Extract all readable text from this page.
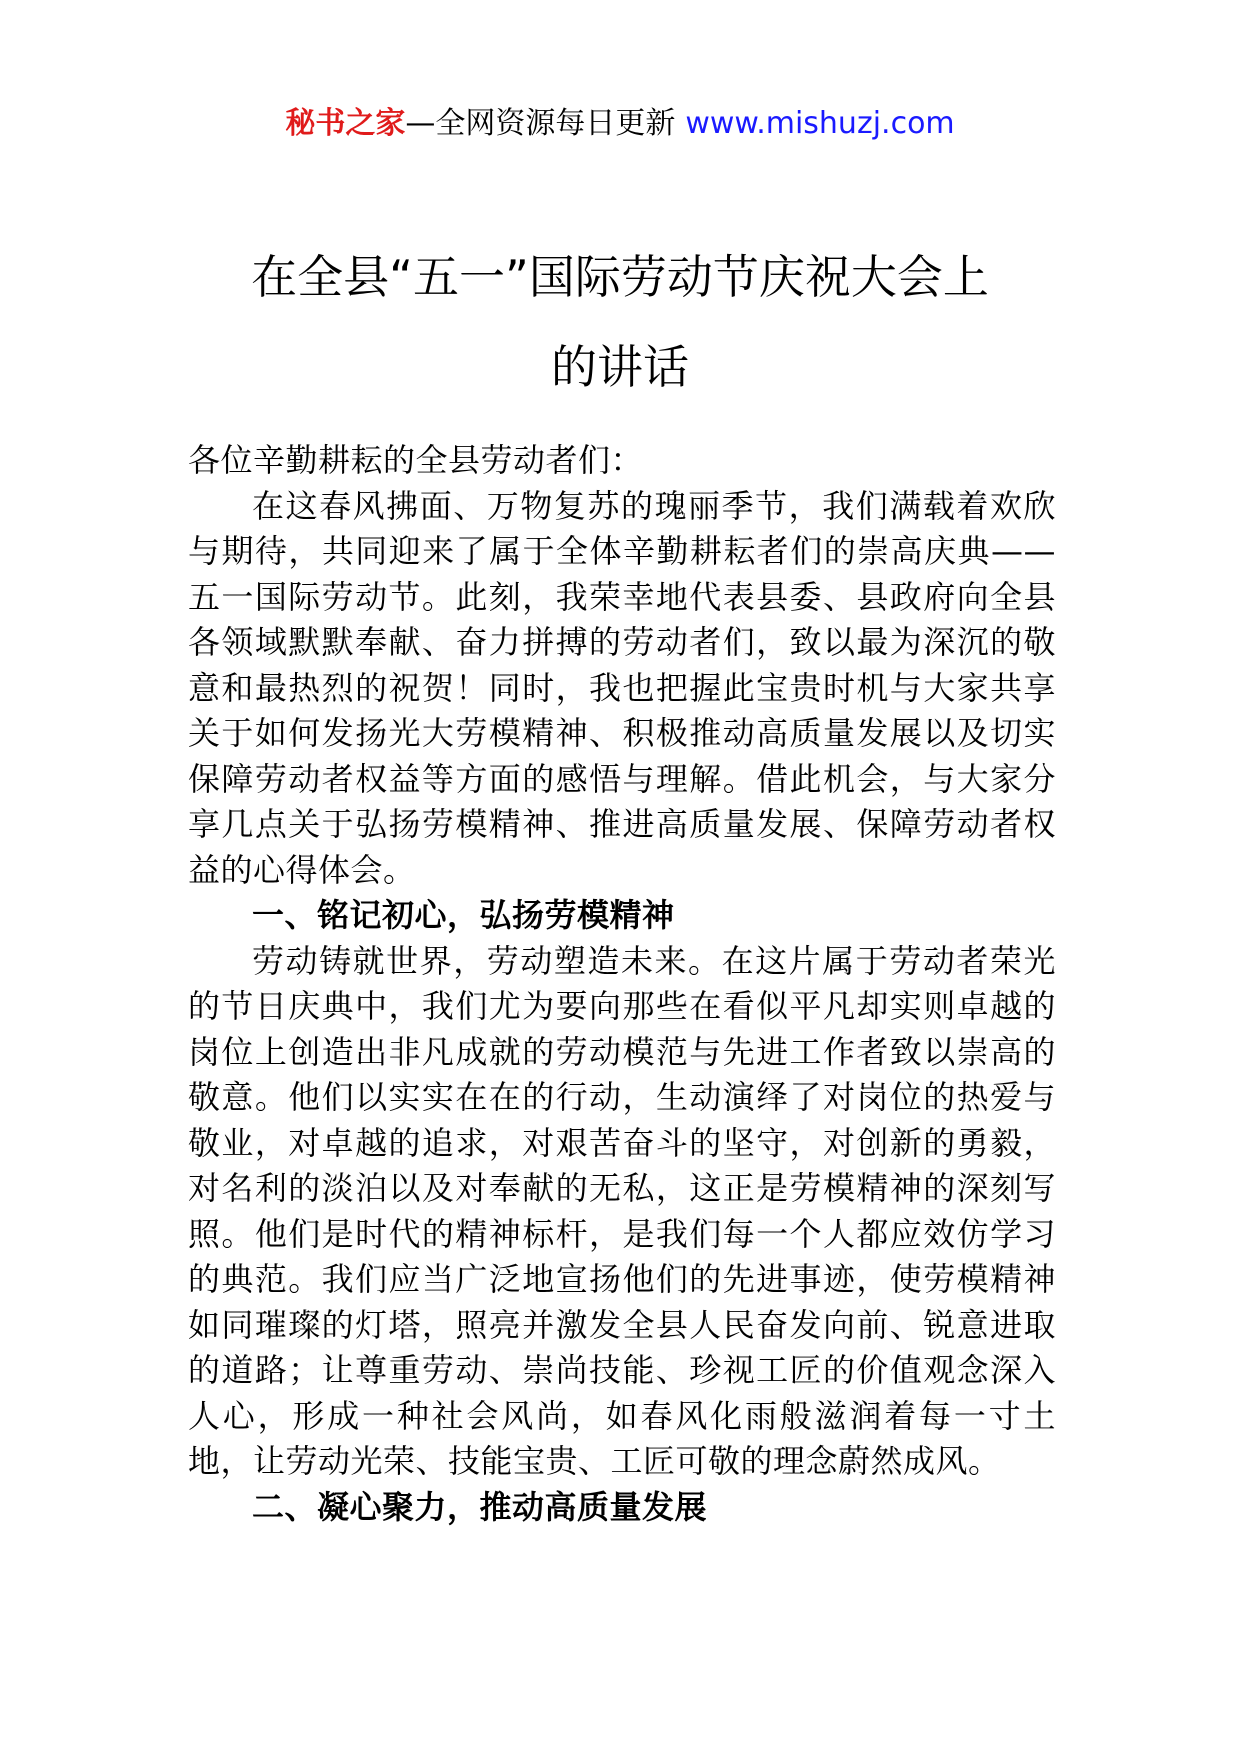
秘书之家—全网资源每日更新 www.mishuzj.com
在全县“五一”国际劳动节庆祝大会上
的讲话

各位辛勤耕耘的全县劳动者们：

在这春风拂面、万物复苏的瑰丽季节，我们满载着欢欣与期待，共同迎来了属于全体辛勤耕耘者们的崇高庆典——五一国际劳动节。此刻，我荣幸地代表县委、县政府向全县各领域默默奉献、奋力拼搏的劳动者们，致以最为深沉的敬意和最热烈的祝贺！同时，我也把握此宝贵时机与大家共享关于如何发扬光大劳模精神、积极推动高质量发展以及切实保障劳动者权益等方面的感悟与理解。借此机会，与大家分享几点关于弘扬劳模精神、推进高质量发展、保障劳动者权益的心得体会。

一、铭记初心，弘扬劳模精神

劳动铸就世界，劳动塑造未来。在这片属于劳动者荣光的节日庆典中，我们尤为要向那些在看似平凡却实则卓越的岗位上创造出非凡成就的劳动模范与先进工作者致以崇高的敬意。他们以实实在在的行动，生动演绎了对岗位的热爱与敬业，对卓越的追求，对艰苦奋斗的坚守，对创新的勇毅，对名利的淡泊以及对奉献的无私，这正是劳模精神的深刻写照。他们是时代的精神标杆，是我们每一个人都应效仿学习的典范。我们应当广泛地宣扬他们的先进事迹，使劳模精神如同璀璨的灯塔，照亮并激发全县人民奋发向前、锐意进取的道路；让尊重劳动、崇尚技能、珍视工匠的价值观念深入人心，形成一种社会风尚，如春风化雨般滋润着每一寸土地，让劳动光荣、技能宝贵、工匠可敬的理念蔚然成风。

二、凝心聚力，推动高质量发展
